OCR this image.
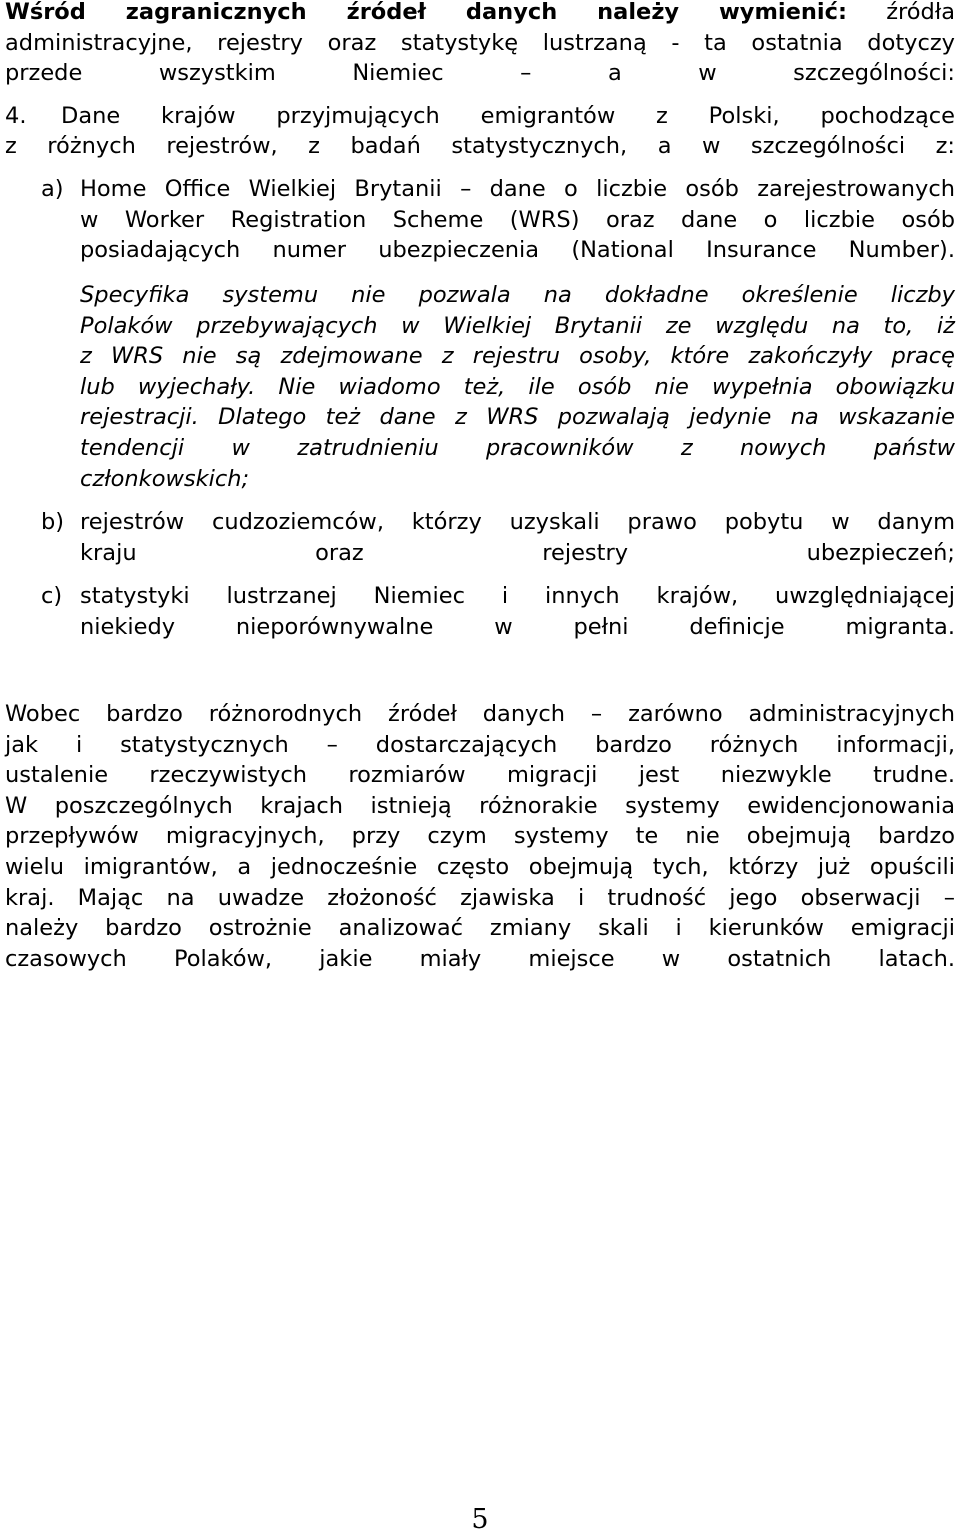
Wśród zagranicznych źródeł danych należy wymienić: źródła
administracyjne, rejestry oraz statystykę lustrzaną - ta ostatnia dotyczy
przede wszystkim Niemiec – a w szczególności:
4. Dane krajów przyjmujących emigrantów z Polski, pochodzące
z różnych rejestrów, z badań statystycznych, a w szczególności z:
a) Home Office Wielkiej Brytanii – dane o liczbie osób zarejestrowanych
w Worker Registration Scheme (WRS) oraz dane o liczbie osób
posiadających numer ubezpieczenia (National Insurance Number).
Specyfika systemu nie pozwala na dokładne określenie liczby
Polaków przebywających w Wielkiej Brytanii ze względu na to, iż
z WRS nie są zdejmowane z rejestru osoby, które zakończyły pracę
lub wyjechały. Nie wiadomo też, ile osób nie wypełnia obowiązku
rejestracji. Dlatego też dane z WRS pozwalają jedynie na wskazanie
tendencji w zatrudnieniu pracowników z nowych państw
członkowskich;
b) rejestrów cudzoziemców, którzy uzyskali prawo pobytu w danym
kraju oraz rejestry ubezpieczeń;
c) statystyki lustrzanej Niemiec i innych krajów, uwzględniającej
niekiedy nieporównywalne w pełni definicje migranta.
Wobec bardzo różnorodnych źródeł danych – zarówno administracyjnych
jak i statystycznych – dostarczających bardzo różnych informacji,
ustalenie rzeczywistych rozmiarów migracji jest niezwykle trudne.
W poszczególnych krajach istnieją różnorakie systemy ewidencjonowania
przepływów migracyjnych, przy czym systemy te nie obejmują bardzo
wielu imigrantów, a jednocześnie często obejmują tych, którzy już opuścili
kraj. Mając na uwadze złożoność zjawiska i trudność jego obserwacji –
należy bardzo ostrożnie analizować zmiany skali i kierunków emigracji
czasowych Polaków, jakie miały miejsce w ostatnich latach.
5
